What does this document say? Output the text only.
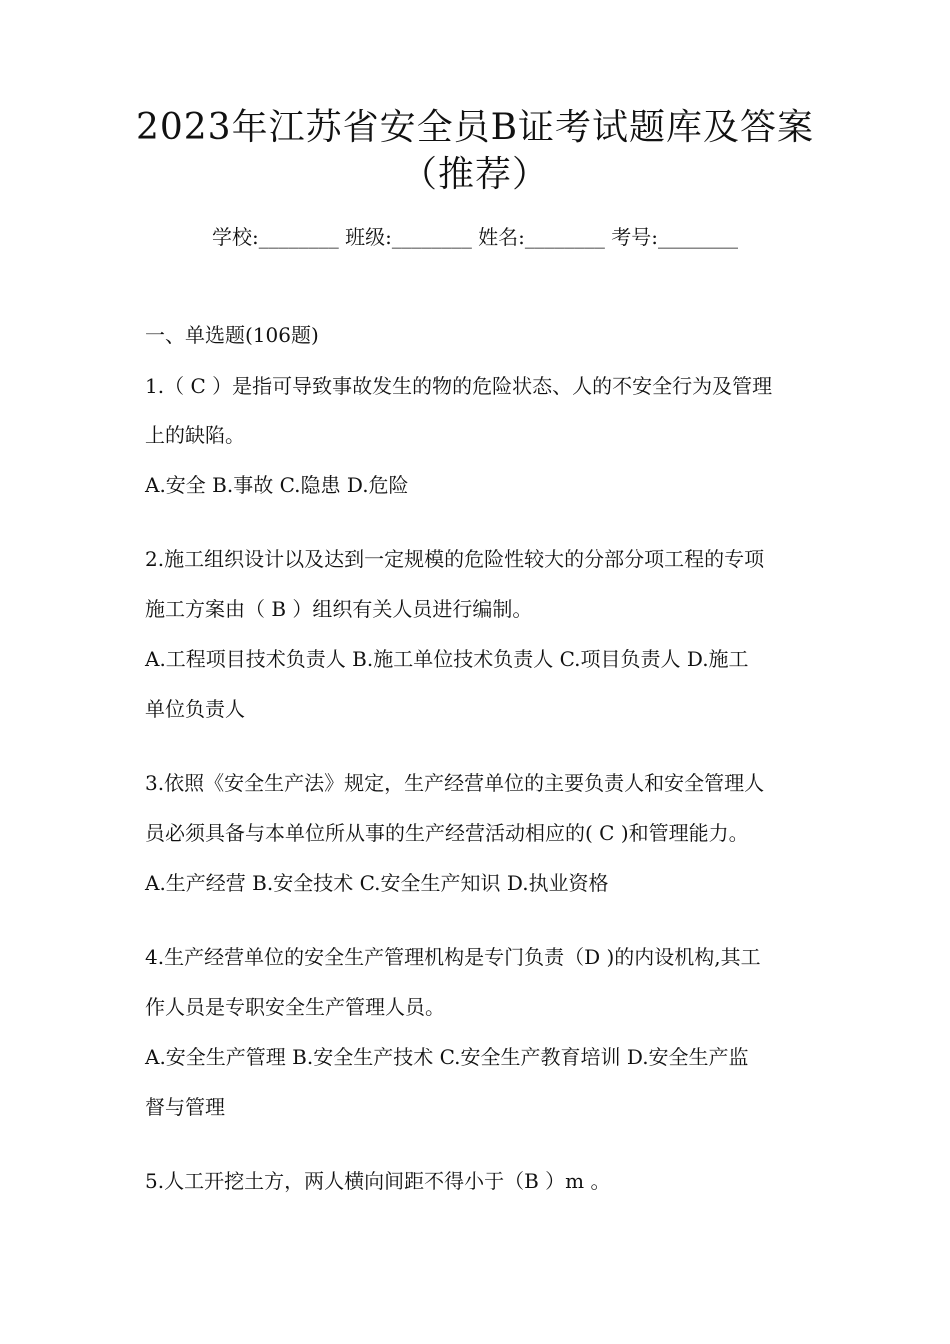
2023年江苏省安全员B证考试题库及答案
（推荐）
学校:________ 班级:________ 姓名:________ 考号:________
一、单选题(106题)
1.（ C ）是指可导致事故发生的物的危险状态、人的不安全行为及管理
上的缺陷。
A.安全 B.事故 C.隐患 D.危险
2.施工组织设计以及达到一定规模的危险性较大的分部分项工程的专项
施工方案由（ B ）组织有关人员进行编制。
A.工程项目技术负责人 B.施工单位技术负责人 C.项目负责人 D.施工
单位负责人
3.依照《安全生产法》规定，生产经营单位的主要负责人和安全管理人
员必须具备与本单位所从事的生产经营活动相应的( C )和管理能力。
A.生产经营 B.安全技术 C.安全生产知识 D.执业资格
4.生产经营单位的安全生产管理机构是专门负责（D )的内设机构,其工
作人员是专职安全生产管理人员。
A.安全生产管理 B.安全生产技术 C.安全生产教育培训 D.安全生产监
督与管理
5.人工开挖土方，两人横向间距不得小于（B ）m 。
